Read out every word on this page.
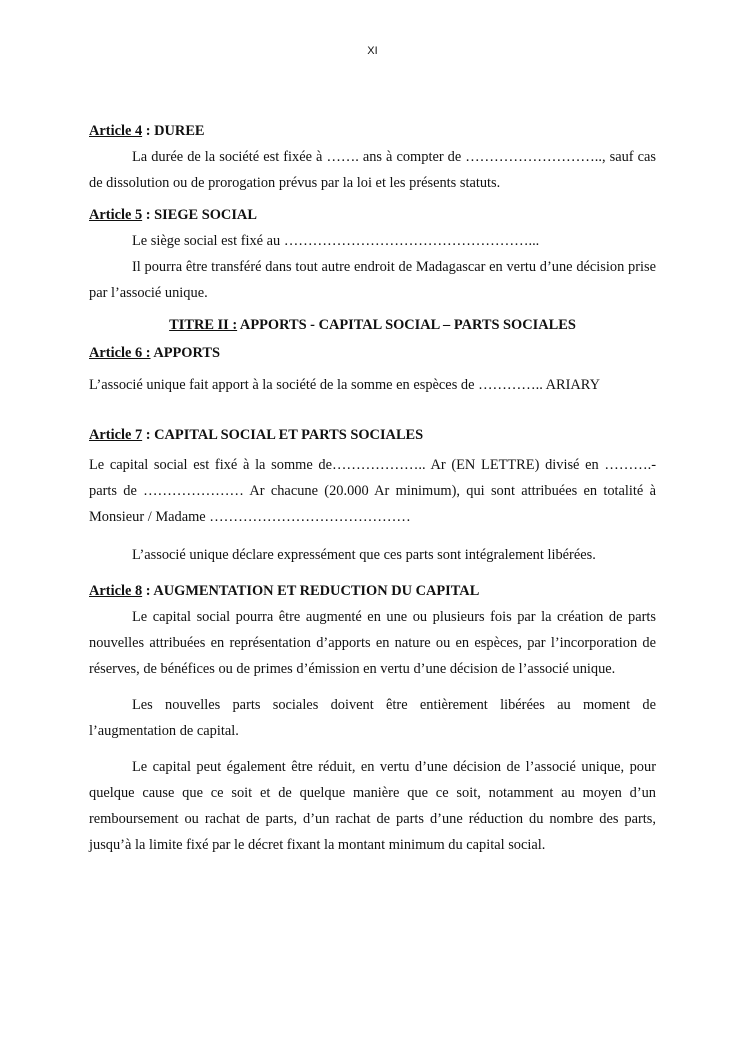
XI
Article 4 : DUREE

La durée de la société est fixée à ……. ans à compter de ……………………….., sauf cas de dissolution ou de prorogation prévus par la loi et les présents statuts.

Article 5 : SIEGE SOCIAL

Le siège social est fixé au ……………………………………………...

Il pourra être transféré dans tout autre endroit de Madagascar en vertu d’une décision prise par l’associé unique.

TITRE II : APPORTS - CAPITAL SOCIAL – PARTS SOCIALES
Article 6 : APPORTS

L’associé unique fait apport à la société de la somme en espèces de ………….. ARIARY

Article 7 : CAPITAL SOCIAL ET PARTS SOCIALES

Le capital social est fixé à la somme de……………….. Ar (EN LETTRE) divisé en ……….- parts de ………………… Ar chacune (20.000 Ar minimum), qui sont attribuées en totalité à Monsieur / Madame ……………………………………

L’associé unique déclare expressément que ces parts sont intégralement libérées.

Article 8 : AUGMENTATION ET REDUCTION DU CAPITAL

Le capital social pourra être augmenté en une ou plusieurs fois par la création de parts nouvelles attribuées en représentation d’apports en nature ou en espèces, par l’incorporation de réserves, de bénéfices ou de primes d’émission en vertu d’une décision de l’associé unique.

Les nouvelles parts sociales doivent être entièrement libérées au moment de l’augmentation de capital.

Le capital peut également être réduit, en vertu d’une décision de l’associé unique, pour quelque cause que ce soit et de quelque manière que ce soit, notamment au moyen d’un remboursement ou rachat de parts, d’un rachat de parts d’une réduction du nombre des parts, jusqu’à la limite fixé par le décret fixant la montant minimum du capital social.
